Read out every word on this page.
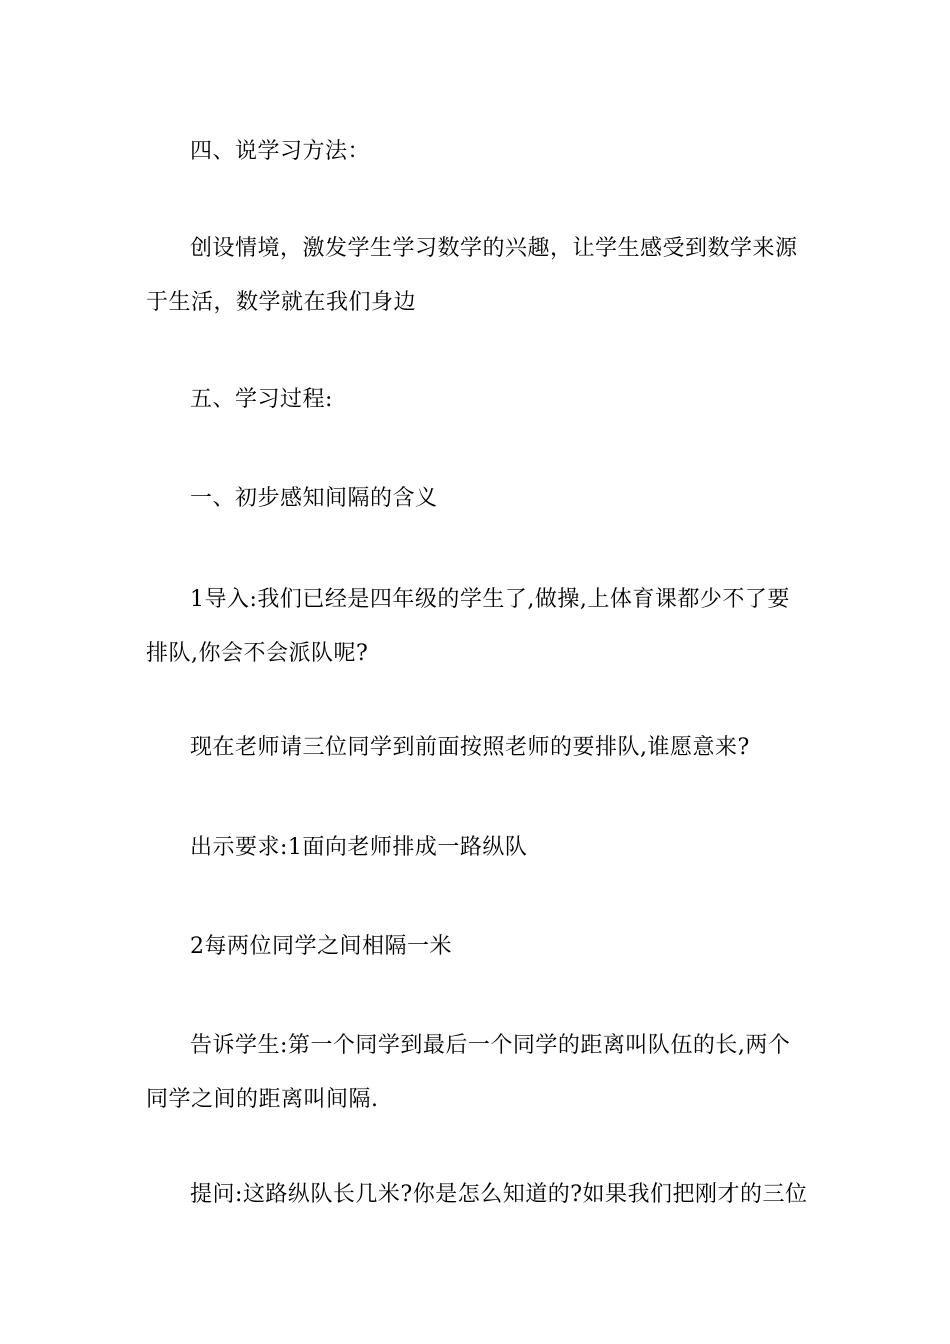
四、说学习方法：

创设情境，激发学生学习数学的兴趣，让学生感受到数学来源于生活，数学就在我们身边

五、学习过程:

一、初步感知间隔的含义

1导入:我们已经是四年级的学生了,做操,上体育课都少不了要排队,你会不会派队呢?

现在老师请三位同学到前面按照老师的要排队,谁愿意来?

出示要求:1面向老师排成一路纵队

2每两位同学之间相隔一米

告诉学生:第一个同学到最后一个同学的距离叫队伍的长,两个同学之间的距离叫间隔.

提问:这路纵队长几米?你是怎么知道的?如果我们把刚才的三位
